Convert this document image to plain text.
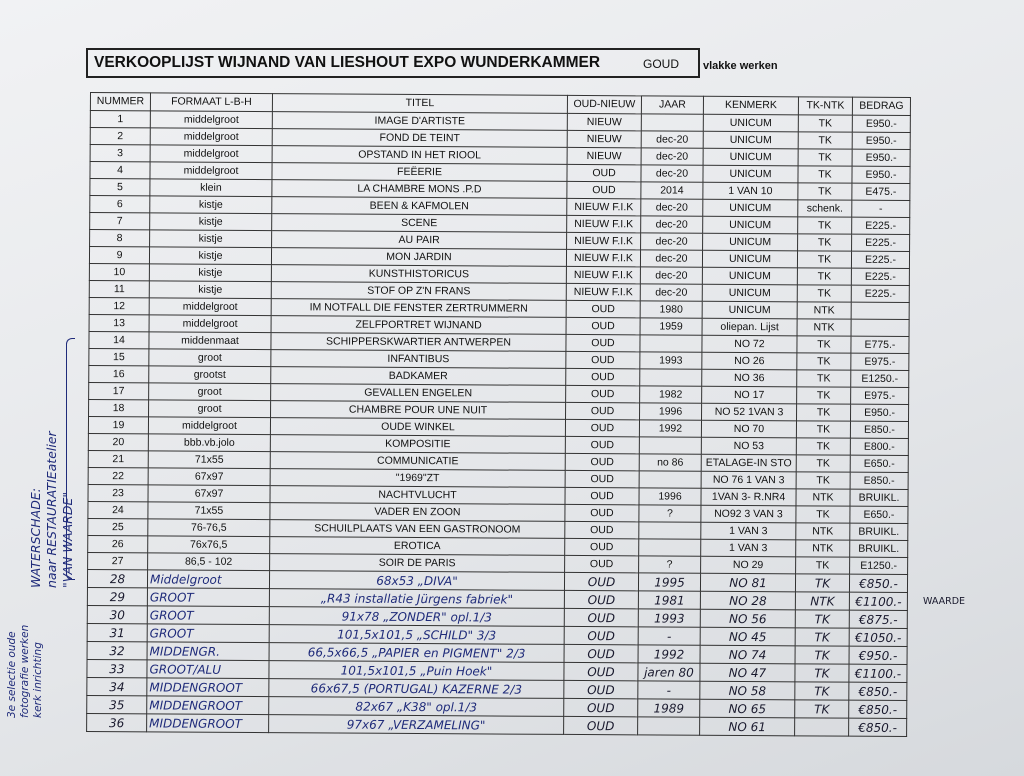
VERKOOPLIJST WIJNAND VAN LIESHOUT EXPO WUNDERKAMMER	GOUD vlakke werken
NUMMER	FORMAAT L-B-H	TITEL	OUD-NIEUW	JAAR	KENMERK	TK-NTK	BEDRAG
1	middelgroot	IMAGE D'ARTISTE	NIEUW		UNICUM	TK	E950.-
2	middelgroot	FOND DE TEINT	NIEUW	dec-20	UNICUM	TK	E950.-
3	middelgroot	OPSTAND IN HET RIOOL	NIEUW	dec-20	UNICUM	TK	E950.-
4	middelgroot	FEËERIE	OUD	dec-20	UNICUM	TK	E950.-
5	klein	LA CHAMBRE MONS .P.D	OUD	2014	1 VAN 10	TK	E475.-
6	kistje	BEEN & KAFMOLEN	NIEUW F.I.K	dec-20	UNICUM	schenk.	-
7	kistje	SCENE	NIEUW F.I.K	dec-20	UNICUM	TK	E225.-
8	kistje	AU PAIR	NIEUW F.I.K	dec-20	UNICUM	TK	E225.-
9	kistje	MON JARDIN	NIEUW F.I.K	dec-20	UNICUM	TK	E225.-
10	kistje	KUNSTHISTORICUS	NIEUW F.I.K	dec-20	UNICUM	TK	E225.-
11	kistje	STOF OP Z'N FRANS	NIEUW F.I.K	dec-20	UNICUM	TK	E225.-
12	middelgroot	IM NOTFALL DIE FENSTER ZERTRUMMERN	OUD	1980	UNICUM	NTK	
13	middelgroot	ZELFPORTRET WIJNAND	OUD	1959	oliepan. Lijst	NTK	
14	middenmaat	SCHIPPERSKWARTIER ANTWERPEN	OUD		NO 72	TK	E775.-
15	groot	INFANTIBUS	OUD	1993	NO 26	TK	E975.-
16	grootst	BADKAMER	OUD		NO 36	TK	E1250.-
17	groot	GEVALLEN ENGELEN	OUD	1982	NO 17	TK	E975.-
18	groot	CHAMBRE POUR UNE NUIT	OUD	1996	NO 52 1VAN 3	TK	E950.-
19	middelgroot	OUDE WINKEL	OUD	1992	NO 70	TK	E850.-
20	bbb.vb.jolo	KOMPOSITIE	OUD		NO 53	TK	E800.-
21	71x55	COMMUNICATIE	OUD	no 86	ETALAGE-IN STO	TK	E650.-
22	67x97	"1969"ZT	OUD		NO 76 1 VAN 3	TK	E850.-
23	67x97	NACHTVLUCHT	OUD	1996	1VAN 3- R.NR4	NTK	BRUIKL.
24	71x55	VADER EN ZOON	OUD	?	NO92 3 VAN 3	TK	E650.-
25	76-76,5	SCHUILPLAATS VAN EEN GASTRONOOM	OUD		1 VAN 3	NTK	BRUIKL.
26	76x76,5	EROTICA	OUD		1 VAN 3	NTK	BRUIKL.
27	86,5 - 102	SOIR DE PARIS	OUD	?	NO 29	TK	E1250.-
28	Middelgroot	68x53 „DIVA"	OUD	1995	NO 81	TK	€850.-
29	GROOT	„R43 installatie Jürgens fabriek"	OUD	1981	NO 28	NTK	€1100.-
30	GROOT	91x78 „ZONDER" opl.1/3	OUD	1993	NO 56	TK	€875.-
31	GROOT	101,5x101,5 „SCHILD" 3/3	OUD	-	NO 45	TK	€1050.-
32	MIDDENGR.	66,5x66,5 „PAPIER en PIGMENT" 2/3	OUD	1992	NO 74	TK	€950.-
33	GROOT/ALU	101,5x101,5 „Puin Hoek"	OUD	jaren 80	NO 47	TK	€1100.-
34	MIDDENGROOT	66x67,5 (PORTUGAL) KAZERNE 2/3	OUD	-	NO 58	TK	€850.-
35	MIDDENGROOT	82x67 „K38" opl.1/3	OUD	1989	NO 65	TK	€850.-
36	MIDDENGROOT	97x67 „VERZAMELING"	OUD		NO 61		€850.-
WATERSCHADE: naar RESTAURATIEatelier "VAN WAARDE"
3e selectie oude fotografie werken kerk inrichting
WAARDE
